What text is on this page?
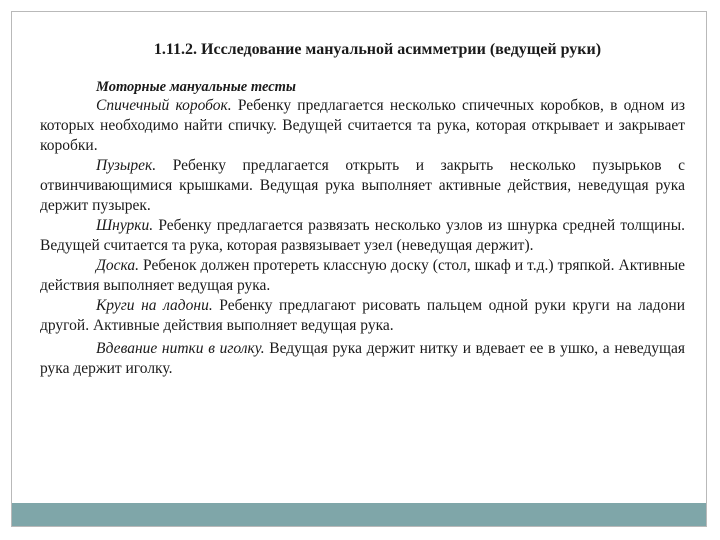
1.11.2. Исследование мануальной асимметрии (ведущей руки)
Моторные мануальные тесты

Спичечный коробок. Ребенку предлагается несколько спичечных коробков, в одном из которых необходимо найти спичку. Ведущей считается та рука, которая открывает и закрывает коробки.

Пузырек. Ребенку предлагается открыть и закрыть несколько пузырьков с отвинчивающимися крышками. Ведущая рука выполняет активные действия, неведущая рука держит пузырек.

Шнурки. Ребенку предлагается развязать несколько узлов из шнурка средней толщины. Ведущей считается та рука, которая развязывает узел (неведущая держит).

Доска. Ребенок должен протереть классную доску (стол, шкаф и т.д.) тряпкой. Активные действия выполняет ведущая рука.

Круги на ладони. Ребенку предлагают рисовать пальцем одной руки круги на ладони другой. Активные действия выполняет ведущая рука.

Вдевание нитки в иголку. Ведущая рука держит нитку и вдевает ее в ушко, а неведущая рука держит иголку.
